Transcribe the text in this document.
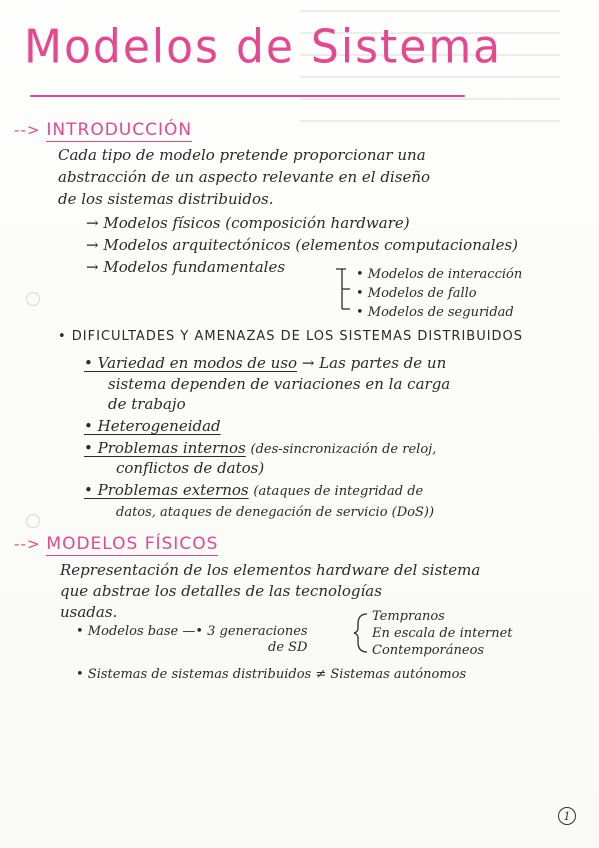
Modelos de Sistema
--> INTRODUCCIÓN
Cada tipo de modelo pretende proporcionar una
abstracción de un aspecto relevante en el diseño
de los sistemas distribuidos.
→ Modelos físicos (composición hardware)
→ Modelos arquitectónicos (elementos computacionales)
→ Modelos fundamentales	• Modelos de interacción
• Modelos de fallo
• Modelos de seguridad
• DIFICULTADES Y AMENAZAS DE LOS SISTEMAS DISTRIBUIDOS
• Variedad en modos de uso → Las partes de un
sistema dependen de variaciones en la carga
de trabajo
• Heterogeneidad
• Problemas internos (des-sincronización de reloj,
conflictos de datos)
• Problemas externos (ataques de integridad de
datos, ataques de denegación de servicio (DoS))
--> MODELOS FÍSICOS
Representación de los elementos hardware del sistema
que abstrae los detalles de las tecnologías
usadas.
• Modelos base —• 3 generaciones
de SD
Tempranos
En escala de internet
Contemporáneos
• Sistemas de sistemas distribuidos ≠ Sistemas autónomos
1
